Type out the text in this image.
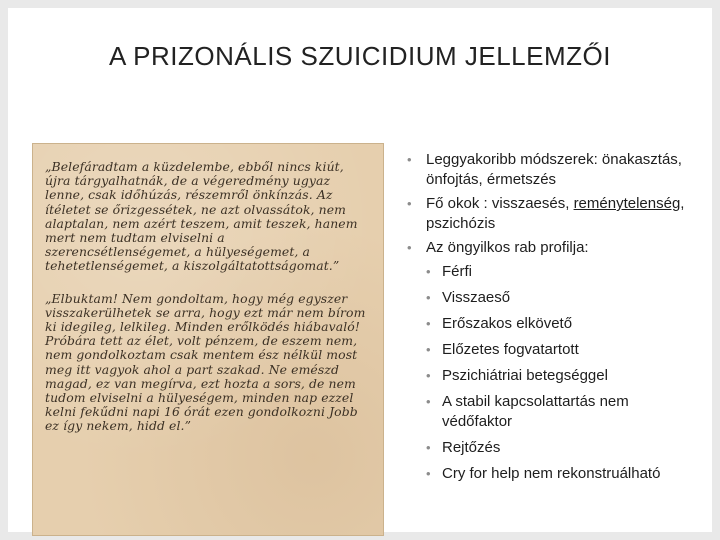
A PRIZONÁLIS SZUICIDIUM JELLEMZŐI

„Belefáradtam a küzdelembe, ebből nincs kiút, újra tárgyalhatnák, de a végeredmény ugyaz lenne, csak időhúzás, részemről önkínzás. Az ítéletet se őrizgessétek, ne azt olvassátok, nem alaptalan, nem azért teszem, amit teszek, hanem mert nem tudtam elviselni a szerencsétlenségemet, a hülyeségemet, a tehetetlenségemet, a kiszolgáltatottságomat.”

„Elbuktam! Nem gondoltam, hogy még egyszer visszakerülhetek se arra, hogy ezt már nem bírom ki idegileg, lelkileg. Minden erőlködés hiábavaló! Próbára tett az élet, volt pénzem, de eszem nem, nem gondolkoztam csak mentem ész nélkül most meg itt vagyok ahol a part szakad. Ne emészd magad, ez van megírva, ezt hozta a sors, de nem tudom elviselni a hülyeségem, minden nap ezzel kelni fekűdni napi 16 órát ezen gondolkozni Jobb ez így nekem, hidd el.”

• Leggyakoribb módszerek: önakasztás, önfojtás, érmetszés
• Fő okok : visszaesés, reménytelenség, pszichózis
• Az öngyilkos rab profilja:
• Férfi
• Visszaeső
• Erőszakos elkövető
• Előzetes fogvatartott
• Pszichiátriai betegséggel
• A stabil kapcsolattartás nem védőfaktor
• Rejtőzés
• Cry for help nem rekonstruálható
